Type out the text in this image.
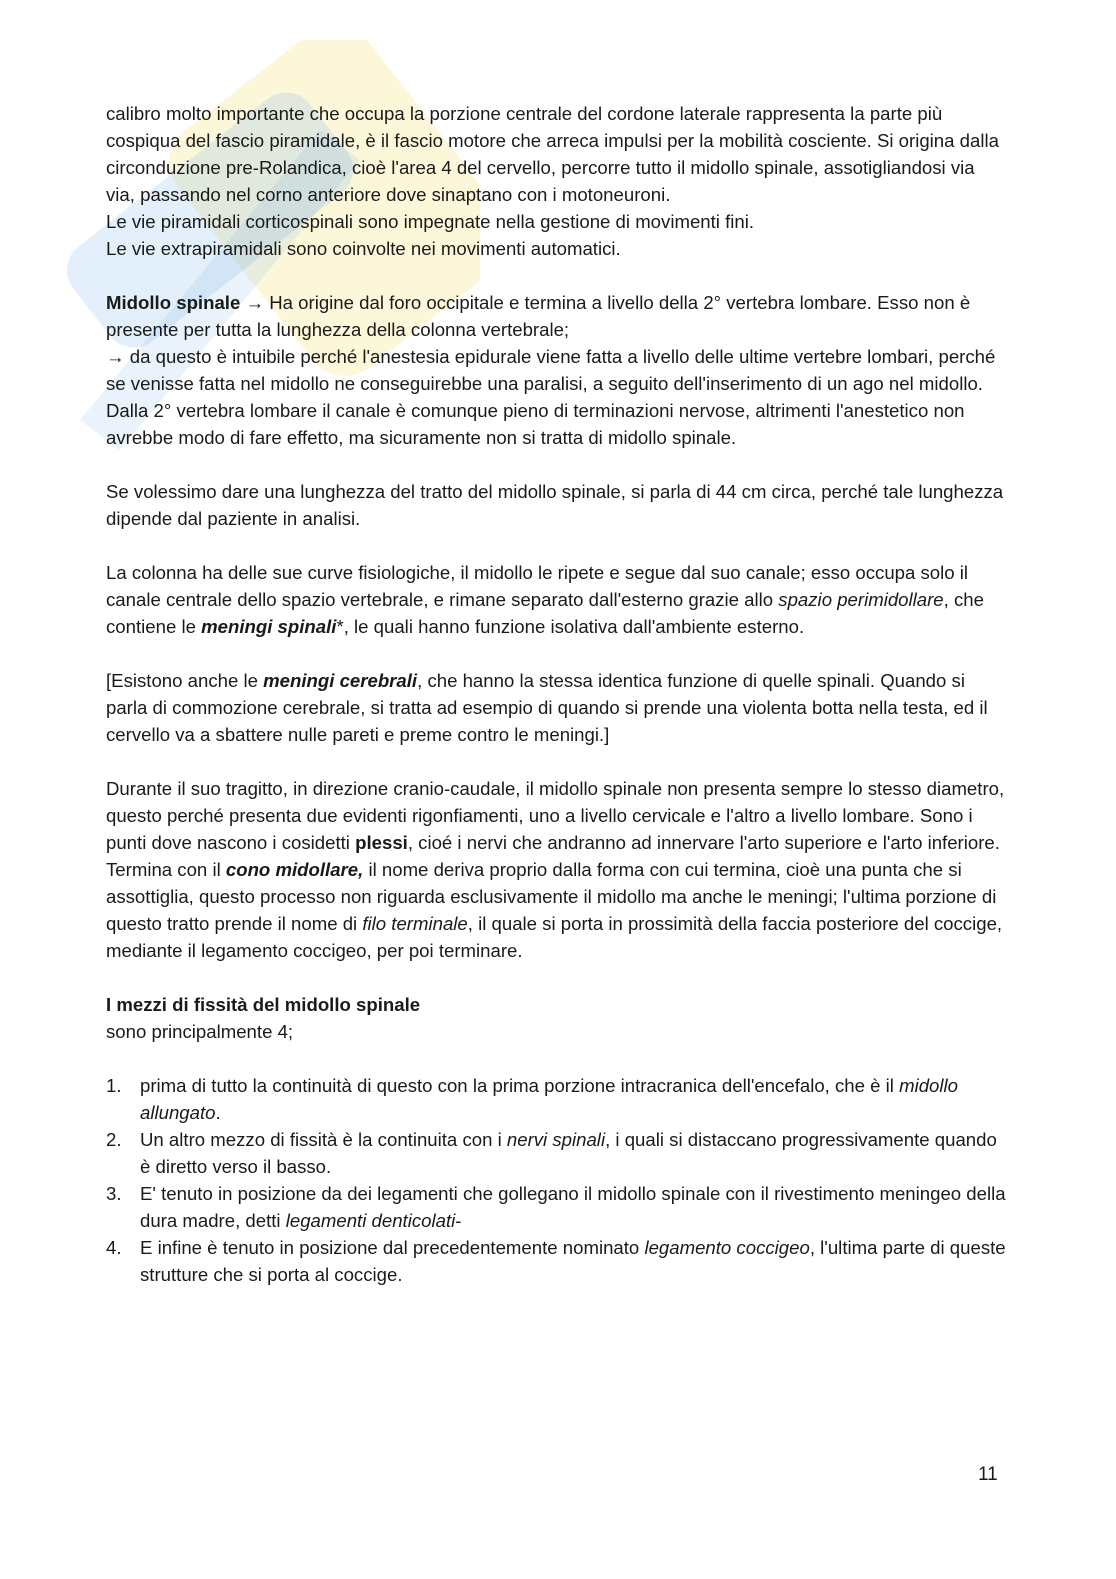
calibro molto importante che occupa la porzione centrale del cordone laterale rappresenta la parte più cospiqua del fascio piramidale, è il fascio motore che arreca impulsi per la mobilità cosciente. Si origina dalla circonduzione pre-Rolandica, cioè l'area 4 del cervello, percorre tutto il midollo spinale, assotigliandosi via via, passando nel corno anteriore dove sinaptano con i motoneuroni.

Le vie piramidali corticospinali sono impegnate nella gestione di movimenti fini.

Le vie extrapiramidali sono coinvolte nei movimenti automatici.

Midollo spinale → Ha origine dal foro occipitale e termina a livello della 2° vertebra lombare. Esso non è presente per tutta la lunghezza della colonna vertebrale;

→ da questo è intuibile perché l'anestesia epidurale viene fatta a livello delle ultime vertebre lombari, perché se venisse fatta nel midollo ne conseguirebbe una paralisi, a seguito dell'inserimento di un ago nel midollo. Dalla 2° vertebra lombare il canale è comunque pieno di terminazioni nervose, altrimenti l'anestetico non avrebbe modo di fare effetto, ma sicuramente non si tratta di midollo spinale.

Se volessimo dare una lunghezza del tratto del midollo spinale, si parla di 44 cm circa, perché tale lunghezza dipende dal paziente in analisi.

La colonna ha delle sue curve fisiologiche, il midollo le ripete e segue dal suo canale; esso occupa solo il canale centrale dello spazio vertebrale, e rimane separato dall'esterno grazie allo spazio perimidollare, che contiene le meningi spinali*, le quali hanno funzione isolativa dall'ambiente esterno.

[Esistono anche le meningi cerebrali, che hanno la stessa identica funzione di quelle spinali. Quando si parla di commozione cerebrale, si tratta ad esempio di quando si prende una violenta botta nella testa, ed il cervello va a sbattere nulle pareti e preme contro le meningi.]

Durante il suo tragitto, in direzione cranio-caudale, il midollo spinale non presenta sempre lo stesso diametro, questo perché presenta due evidenti rigonfiamenti, uno a livello cervicale e l'altro a livello lombare. Sono i punti dove nascono i cosidetti plessi, cioé i nervi che andranno ad innervare l'arto superiore e l'arto inferiore.

Termina con il cono midollare, il nome deriva proprio dalla forma con cui termina, cioè una punta che si assottiglia, questo processo non riguarda esclusivamente il midollo ma anche le meningi; l'ultima porzione di questo tratto prende il nome di filo terminale, il quale si porta in prossimità della faccia posteriore del coccige, mediante il legamento coccigeo, per poi terminare.

I mezzi di fissità del midollo spinale

sono principalmente 4;

1. prima di tutto la continuità di questo con la prima porzione intracranica dell'encefalo, che è il midollo allungato.
2. Un altro mezzo di fissità è la continuita con i nervi spinali, i quali si distaccano progressivamente quando è diretto verso il basso.
3. E' tenuto in posizione da dei legamenti che gollegano il midollo spinale con il rivestimento meningeo della dura madre, detti legamenti denticolati-
4. E infine è tenuto in posizione dal precedentemente nominato legamento coccigeo, l'ultima parte di queste strutture che si porta al coccige.
11
